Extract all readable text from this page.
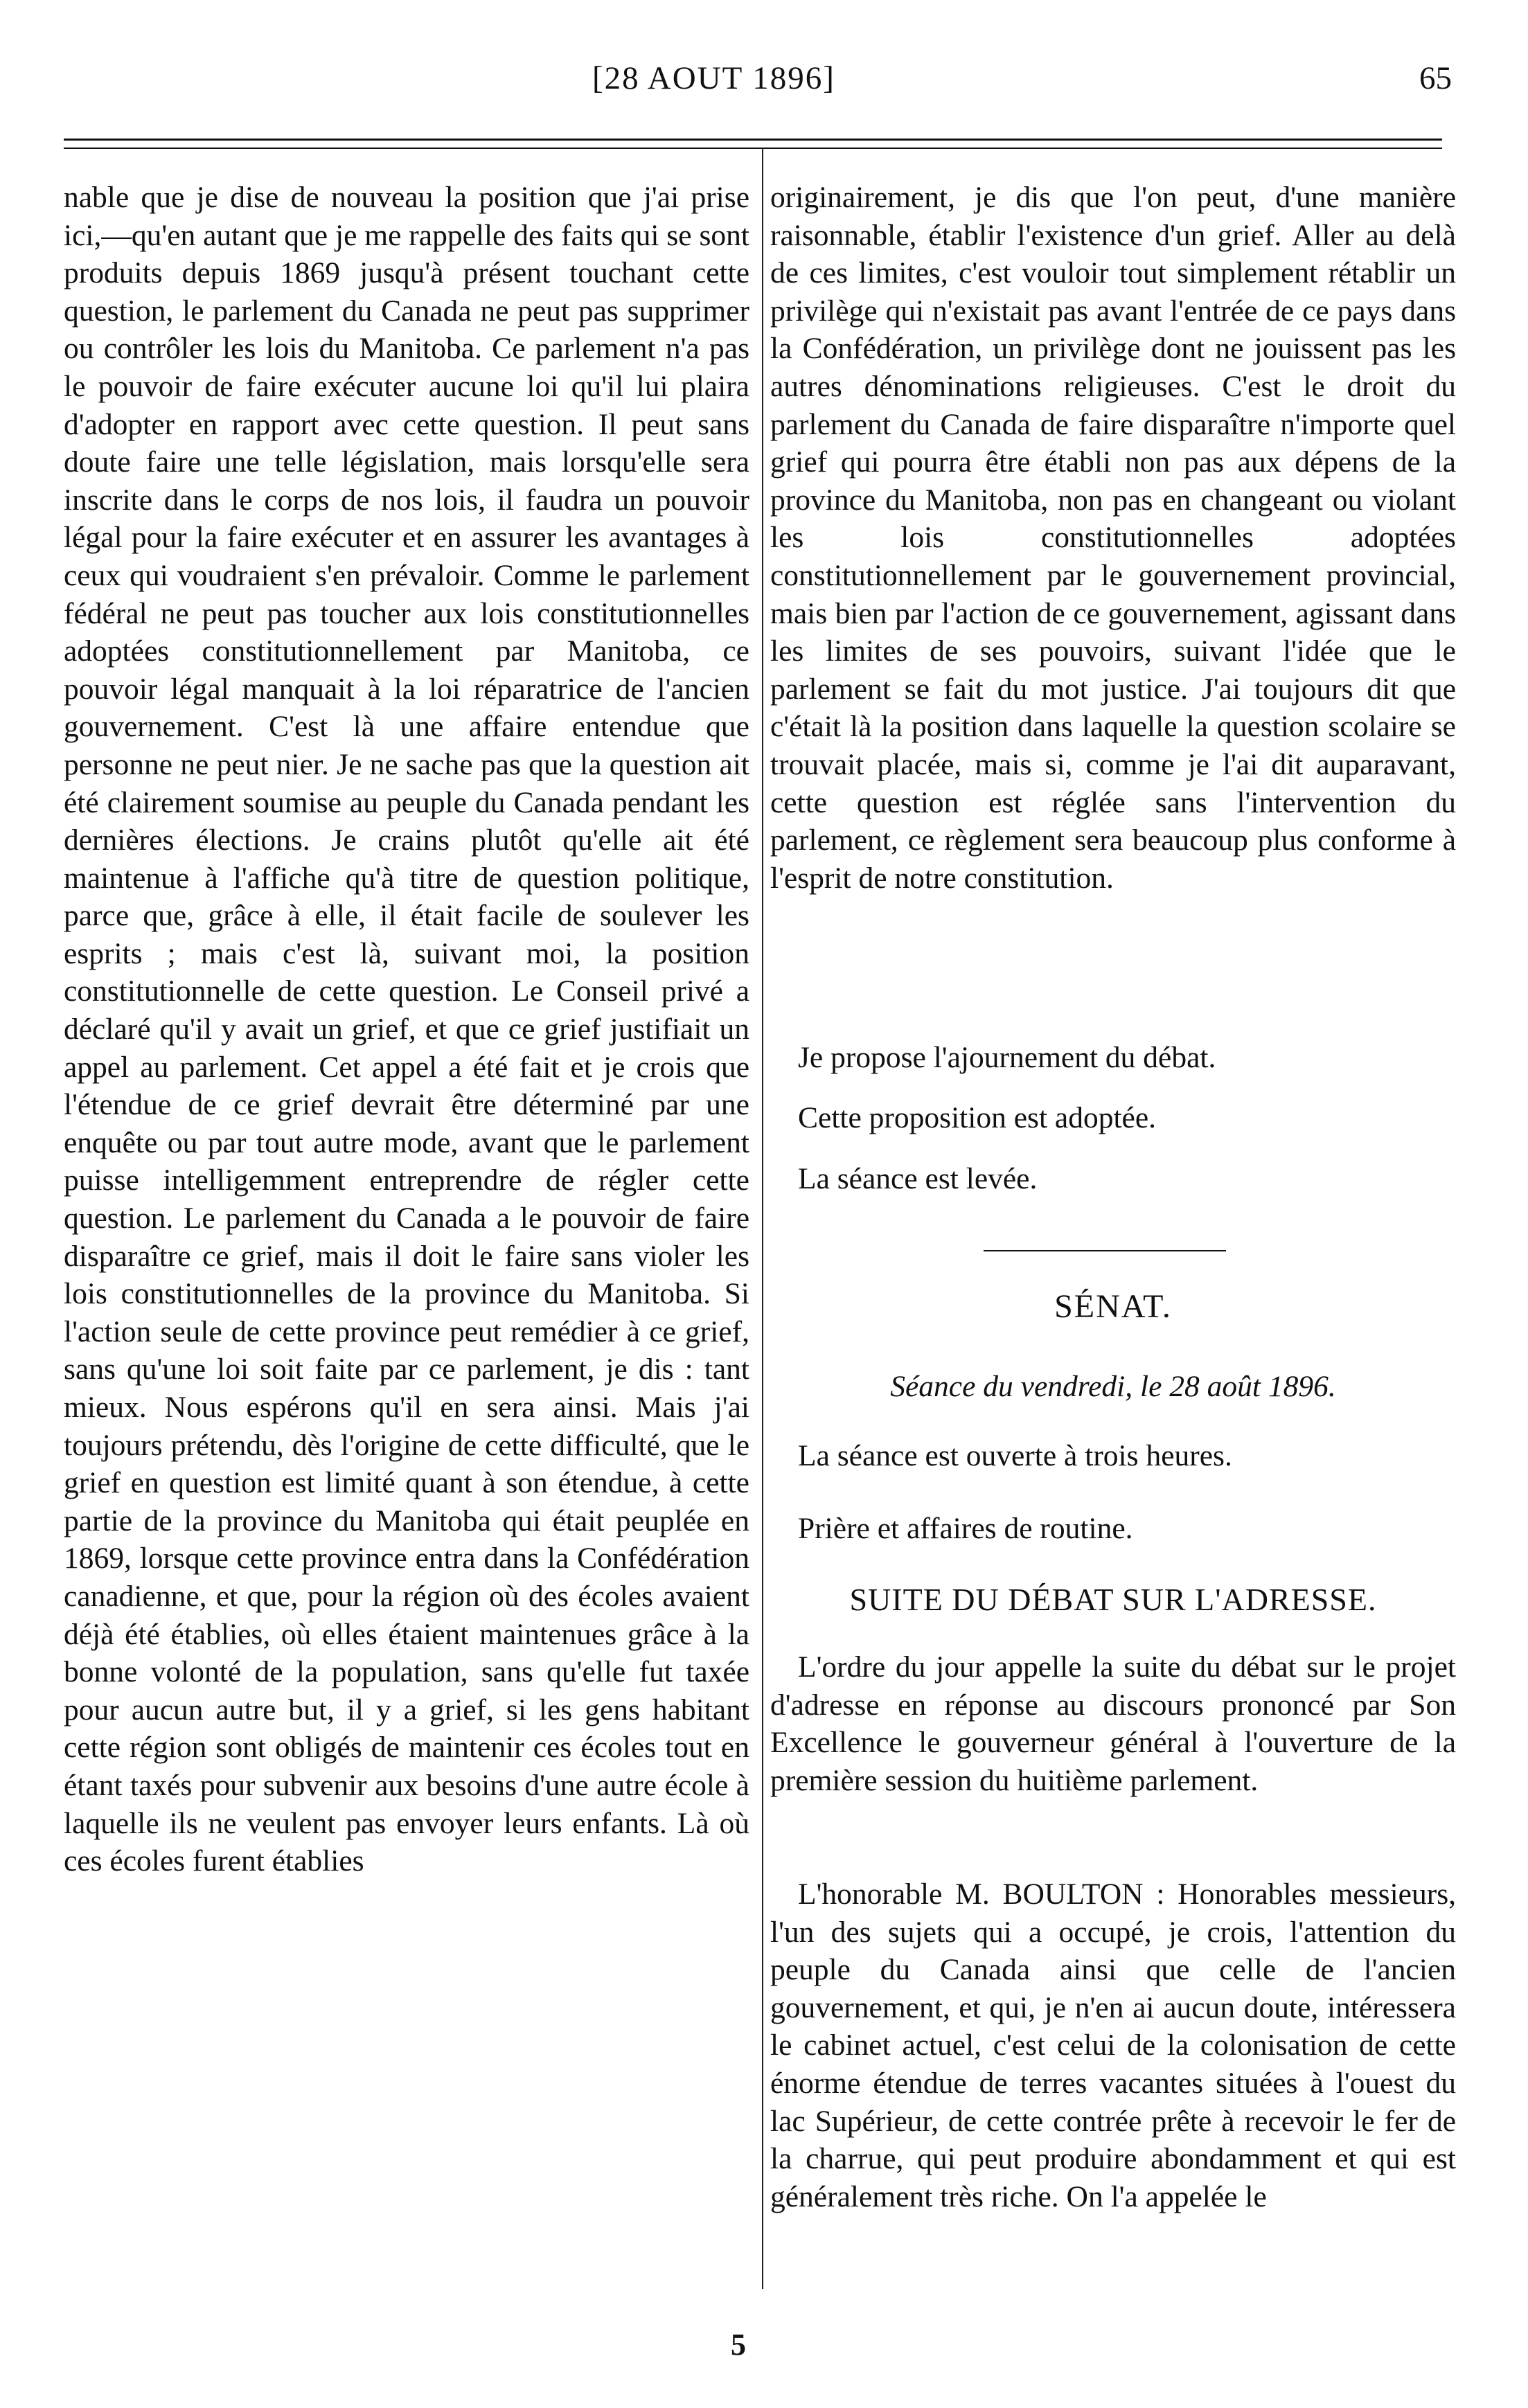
[28 AOUT 1896]	65

nable que je dise de nouveau la position que j'ai prise ici,—qu'en autant que je me rappelle des faits qui se sont produits depuis 1869 jusqu'à présent touchant cette question, le parlement du Canada ne peut pas supprimer ou contrôler les lois du Manitoba. Ce parlement n'a pas le pouvoir de faire exécuter aucune loi qu'il lui plaira d'adopter en rapport avec cette question. Il peut sans doute faire une telle législation, mais lorsqu'elle sera inscrite dans le corps de nos lois, il faudra un pouvoir légal pour la faire exécuter et en assurer les avantages à ceux qui voudraient s'en prévaloir. Comme le parlement fédéral ne peut pas toucher aux lois constitutionnelles adoptées constitutionnellement par Manitoba, ce pouvoir légal manquait à la loi réparatrice de l'ancien gouvernement. C'est là une affaire entendue que personne ne peut nier. Je ne sache pas que la question ait été clairement soumise au peuple du Canada pendant les dernières élections. Je crains plutôt qu'elle ait été maintenue à l'affiche qu'à titre de question politique, parce que, grâce à elle, il était facile de soulever les esprits ; mais c'est là, suivant moi, la position constitutionnelle de cette question. Le Conseil privé a déclaré qu'il y avait un grief, et que ce grief justifiait un appel au parlement. Cet appel a été fait et je crois que l'étendue de ce grief devrait être déterminé par une enquête ou par tout autre mode, avant que le parlement puisse intelligemment entreprendre de régler cette question. Le parlement du Canada a le pouvoir de faire disparaître ce grief, mais il doit le faire sans violer les lois constitutionnelles de la province du Manitoba. Si l'action seule de cette province peut remédier à ce grief, sans qu'une loi soit faite par ce parlement, je dis : tant mieux. Nous espérons qu'il en sera ainsi. Mais j'ai toujours prétendu, dès l'origine de cette difficulté, que le grief en question est limité quant à son étendue, à cette partie de la province du Manitoba qui était peuplée en 1869, lorsque cette province entra dans la Confédération canadienne, et que, pour la région où des écoles avaient déjà été établies, où elles étaient maintenues grâce à la bonne volonté de la population, sans qu'elle fut taxée pour aucun autre but, il y a grief, si les gens habitant cette région sont obligés de maintenir ces écoles tout en étant taxés pour subvenir aux besoins d'une autre école à laquelle ils ne veulent pas envoyer leurs enfants. Là où ces écoles furent établies

originairement, je dis que l'on peut, d'une manière raisonnable, établir l'existence d'un grief. Aller au delà de ces limites, c'est vouloir tout simplement rétablir un privilège qui n'existait pas avant l'entrée de ce pays dans la Confédération, un privilège dont ne jouissent pas les autres dénominations religieuses. C'est le droit du parlement du Canada de faire disparaître n'importe quel grief qui pourra être établi non pas aux dépens de la province du Manitoba, non pas en changeant ou violant les lois constitutionnelles adoptées constitutionnellement par le gouvernement provincial, mais bien par l'action de ce gouvernement, agissant dans les limites de ses pouvoirs, suivant l'idée que le parlement se fait du mot justice. J'ai toujours dit que c'était là la position dans laquelle la question scolaire se trouvait placée, mais si, comme je l'ai dit auparavant, cette question est réglée sans l'intervention du parlement, ce règlement sera beaucoup plus conforme à l'esprit de notre constitution.

Je propose l'ajournement du débat.

Cette proposition est adoptée.

La séance est levée.

SÉNAT.
Séance du vendredi, le 28 août 1896.

La séance est ouverte à trois heures.

Prière et affaires de routine.

SUITE DU DÉBAT SUR L'ADRESSE.

L'ordre du jour appelle la suite du débat sur le projet d'adresse en réponse au discours prononcé par Son Excellence le gouverneur général à l'ouverture de la première session du huitième parlement.

L'honorable M. BOULTON : Honorables messieurs, l'un des sujets qui a occupé, je crois, l'attention du peuple du Canada ainsi que celle de l'ancien gouvernement, et qui, je n'en ai aucun doute, intéressera le cabinet actuel, c'est celui de la colonisation de cette énorme étendue de terres vacantes situées à l'ouest du lac Supérieur, de cette contrée prête à recevoir le fer de la charrue, qui peut produire abondamment et qui est généralement très riche. On l'a appelée le

5
